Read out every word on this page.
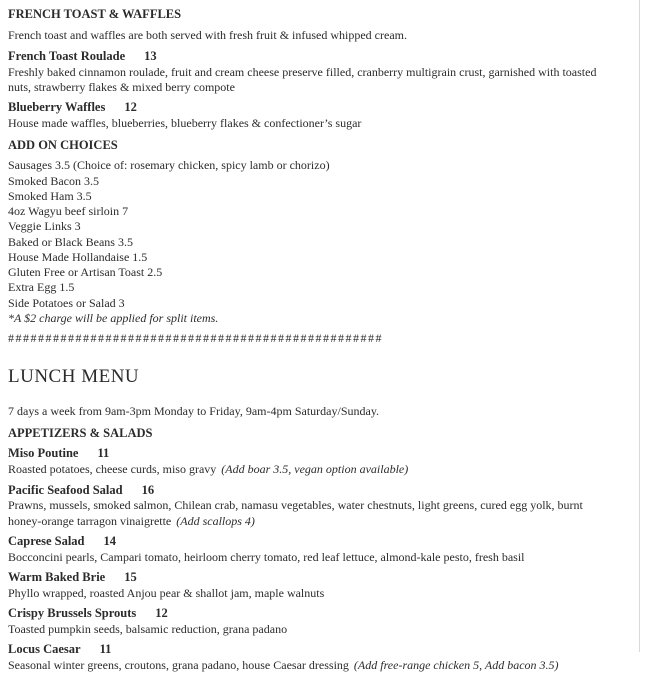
FRENCH TOAST & WAFFLES

French toast and waffles are both served with fresh fruit & infused whipped cream.

French Toast Roulade 13

Freshly baked cinnamon roulade, fruit and cream cheese preserve filled, cranberry multigrain crust, garnished with toasted nuts, strawberry flakes & mixed berry compote

Blueberry Waffles 12

House made waffles, blueberries, blueberry flakes & confectioner’s sugar

ADD ON CHOICES

Sausages 3.5 (Choice of: rosemary chicken, spicy lamb or chorizo)

Smoked Bacon 3.5

Smoked Ham 3.5

4oz Wagyu beef sirloin 7

Veggie Links 3

Baked or Black Beans 3.5

House Made Hollandaise 1.5

Gluten Free or Artisan Toast 2.5

Extra Egg 1.5

Side Potatoes or Salad 3

*A $2 charge will be applied for split items.

##################################################

LUNCH MENU

7 days a week from 9am-3pm Monday to Friday, 9am-4pm Saturday/Sunday.

APPETIZERS & SALADS

Miso Poutine 11

Roasted potatoes, cheese curds, miso gravy (Add boar 3.5, vegan option available)

Pacific Seafood Salad 16

Prawns, mussels, smoked salmon, Chilean crab, namasu vegetables, water chestnuts, light greens, cured egg yolk, burnt honey-orange tarragon vinaigrette (Add scallops 4)

Caprese Salad 14

Bocconcini pearls, Campari tomato, heirloom cherry tomato, red leaf lettuce, almond-kale pesto, fresh basil

Warm Baked Brie 15

Phyllo wrapped, roasted Anjou pear & shallot jam, maple walnuts

Crispy Brussels Sprouts 12

Toasted pumpkin seeds, balsamic reduction, grana padano

Locus Caesar 11

Seasonal winter greens, croutons, grana padano, house Caesar dressing (Add free-range chicken 5, Add bacon 3.5)
